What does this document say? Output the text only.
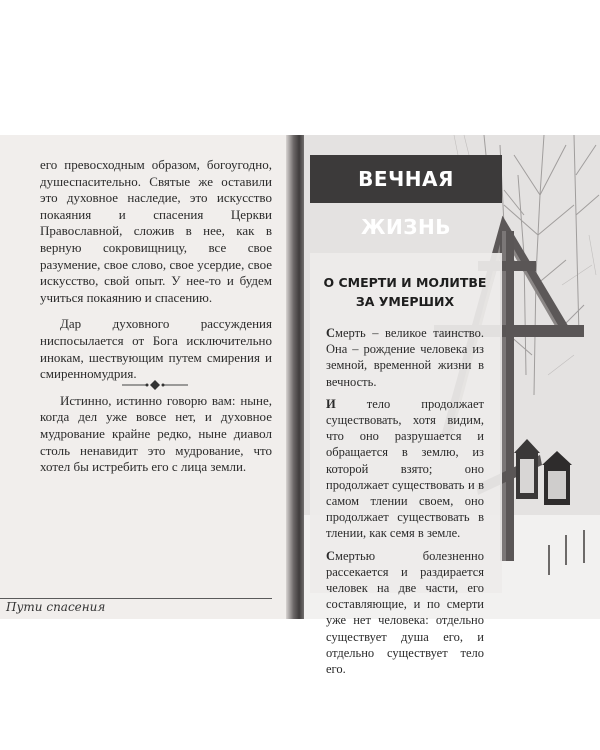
его превосходным образом, богоугодно, душеспасительно. Святые же оставили это духовное наследие, это искусство покаяния и спасения Церкви Православной, сложив в нее, как в верную сокровищницу, все свое разумение, свое слово, свое усердие, свое искусство, свой опыт. У нее-то и будем учиться покаянию и спасению.

Дар духовного рассуждения ниспосылается от Бога исключительно инокам, шествующим путем смирения и смиренномудрия.

Истинно, истинно говорю вам: ныне, когда дел уже вовсе нет, и духовное мудрование крайне редко, ныне диавол столь ненавидит это мудрование, что хотел бы истребить его с лица земли.

Пути спасения
ВЕЧНАЯ ЖИЗНЬ
О СМЕРТИ И МОЛИТВЕ
ЗА УМЕРШИХ

Смерть – великое таинство. Она – рождение человека из земной, временной жизни в вечность.

И тело продолжает существовать, хотя видим, что оно разрушается и обращается в землю, из которой взято; оно продолжает существовать и в самом тлении своем, оно продолжает существовать в тлении, как семя в земле.

Смертью болезненно рассекается и раздирается человек на две части, его составляющие, и по смерти уже нет человека: отдельно существует душа его, и отдельно существует тело его.
